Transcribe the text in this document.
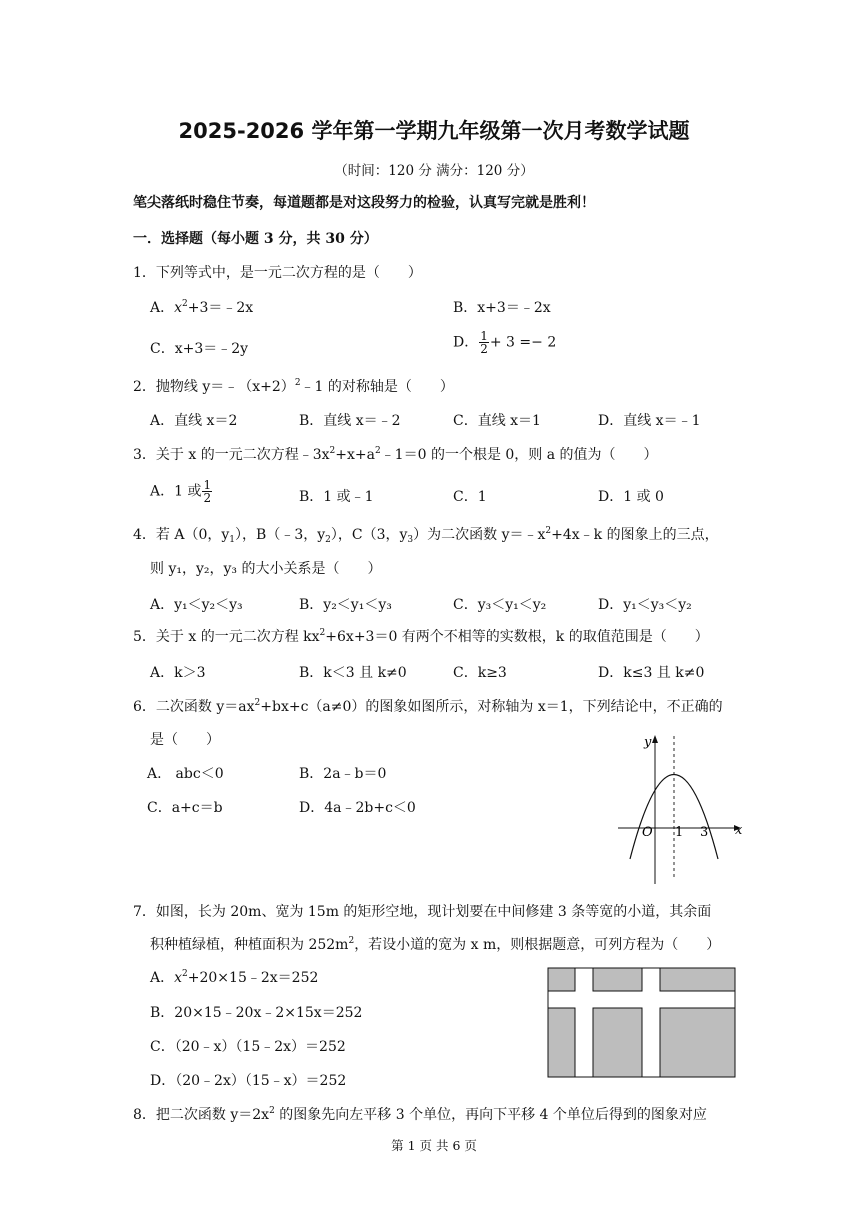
2025-2026 学年第一学期九年级第一次月考数学试题
（时间：120 分 满分：120 分）
笔尖落纸时稳住节奏，每道题都是对这段努力的检验，认真写完就是胜利！
一．选择题（每小题 3 分，共 30 分）
1．下列等式中，是一元二次方程的是（　　）
A．$x^2+3=﹣2x$	B．x+3＝﹣2x
C．x+3＝﹣2y	D． $\frac{1}{2} + 3 =- 2$
2．抛物线 $y=﹣(x+2)^2﹣1$ 的对称轴是（　　）
A．直线 x＝2	B．直线 x＝﹣2	C．直线 x＝1	D．直线 x＝﹣1
3．关于 x 的一元二次方程$﹣3x^2+x+a^2﹣1=0$ 的一个根是 0，则 a 的值为（　　）
A．1 或 $\frac{1}{2}$	B．1 或﹣1	C．1	D．1 或 0
4．若 A（0，$y_1$），B（﹣3，$y_2$），C（3，$y_3$）为二次函数 $y=﹣x^2+4x﹣k$ 的图象上的三点，
则 y₁，y₂，y₃ 的大小关系是（　　）
A．y₁＜y₂＜y₃	B．y₂＜y₁＜y₃	C．y₃＜y₁＜y₂	D．y₁＜y₃＜y₂
5．关于 x 的一元二次方程 $kx^2+6x+3=0$ 有两个不相等的实数根，k 的取值范围是（　　）
A．k＞3	B．k＜3 且 k≠0	C．k≥3	D．k≤3 且 k≠0
6．二次函数 $y=ax^2+bx+c(a\ne 0)$的图象如图所示，对称轴为 x＝1，下列结论中，不正确的
是（　　）
A.　abc＜0	B．2a﹣b＝0
C．a+c＝b	D．4a﹣2b+c＜0
y
x
O 1 3
7．如图，长为 20m、宽为 15m 的矩形空地，现计划要在中间修建 3 条等宽的小道，其余面
积种植绿植，种植面积为 $252m^2$，若设小道的宽为 x m，则根据题意，可列方程为（　　）
A．$x^2+20\times 15﹣2x=252$
B．20×15﹣20x﹣2×15x＝252
C．（20﹣x）（15﹣2x）＝252
D．（20﹣2x）（15﹣x）＝252
8．把二次函数 $y=2x^2$ 的图象先向左平移 3 个单位，再向下平移 4 个单位后得到的图象对应
第 1 页 共 6 页
